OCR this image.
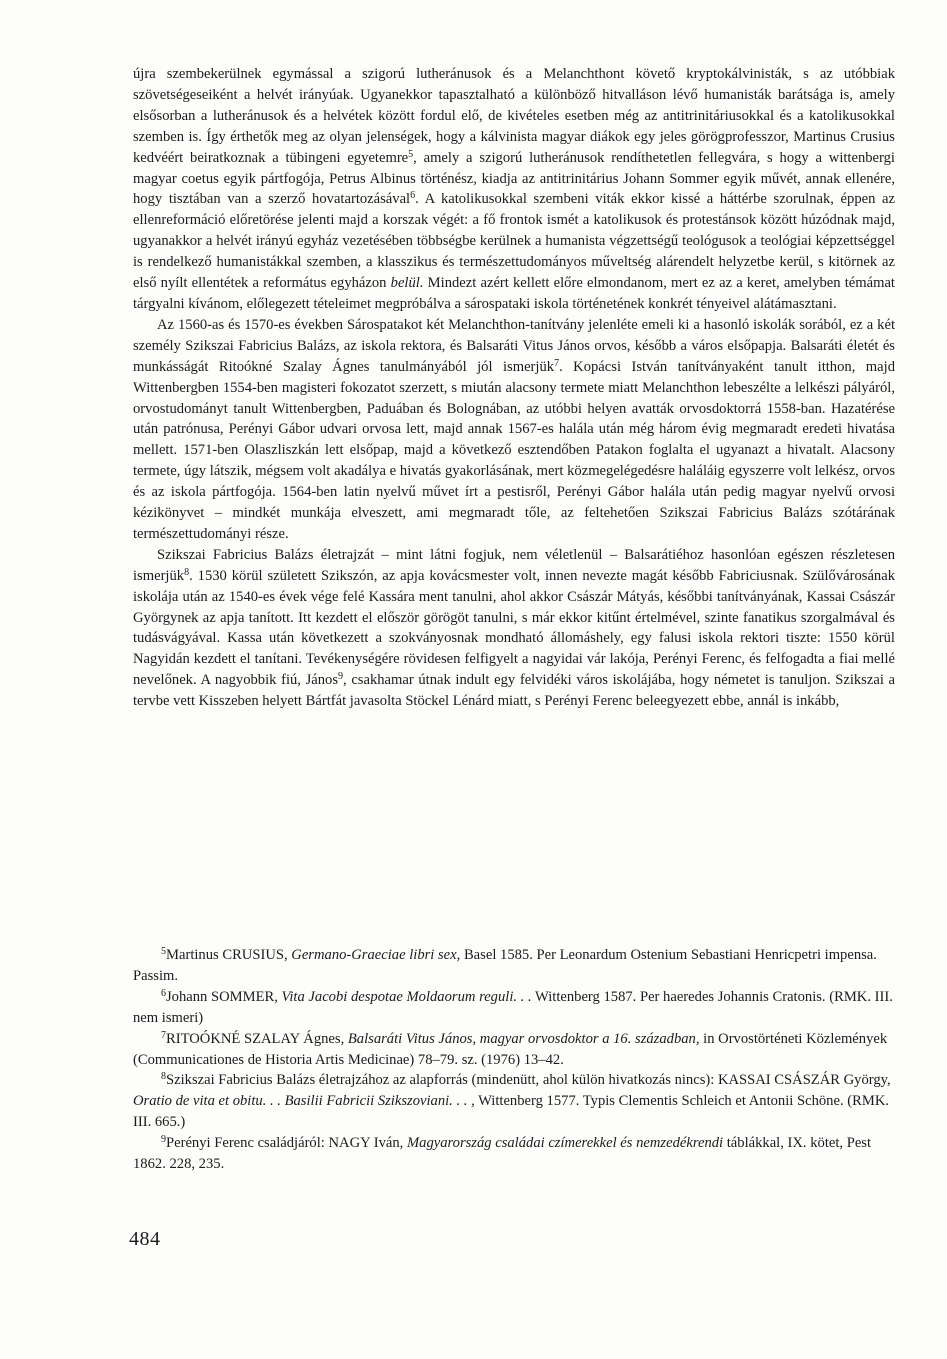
újra szembekerülnek egymással a szigorú lutheránusok és a Melanchthont követő kryptokálvinisták, s az utóbbiak szövetségeseiként a helvét irányúak. Ugyanekkor tapasztalható a különböző hitvalláson lévő humanisták barátsága is, amely elsősorban a lutheránusok és a helvétek között fordul elő, de kivételes esetben még az antitrinitáriusokkal és a katolikusokkal szemben is. Így érthetők meg az olyan jelenségek, hogy a kálvinista magyar diákok egy jeles görögprofesszor, Martinus Crusius kedvéért beiratkoznak a tübingeni egyetemre$^5$, amely a szigorú lutheránusok rendíthetetlen fellegvára, s hogy a wittenbergi magyar coetus egyik pártfogója, Petrus Albinus történész, kiadja az antitrinitárius Johann Sommer egyik művét, annak ellenére, hogy tisztában van a szerző hovatartozásával$^6$. A katolikusokkal szembeni viták ekkor kissé a háttérbe szorulnak, éppen az ellenreformáció előretörése jelenti majd a korszak végét: a fő frontok ismét a katolikusok és protestánsok között húzódnak majd, ugyanakkor a helvét irányú egyház vezetésében többségbe kerülnek a humanista végzettségű teológusok a teológiai képzettséggel is rendelkező humanistákkal szemben, a klasszikus és természettudományos műveltség alárendelt helyzetbe kerül, s kitörnek az első nyílt ellentétek a református egyházon belül. Mindezt azért kellett előre elmondanom, mert ez az a keret, amelyben témámat tárgyalni kívánom, előlegezett tételeimet megpróbálva a sárospataki iskola történetének konkrét tényeivel alátámasztani.

Az 1560-as és 1570-es években Sárospatakot két Melanchthon-tanítvány jelenléte emeli ki a hasonló iskolák sorából, ez a két személy Szikszai Fabricius Balázs, az iskola rektora, és Balsaráti Vitus János orvos, később a város elsőpapja. Balsaráti életét és munkásságát Ritoókné Szalay Ágnes tanulmányából jól ismerjük$^7$. Kopácsi István tanítványaként tanult itthon, majd Wittenbergben 1554-ben magisteri fokozatot szerzett, s miután alacsony termete miatt Melanchthon lebeszélte a lelkészi pályáról, orvostudományt tanult Wittenbergben, Paduában és Bolognában, az utóbbi helyen avatták orvosdoktorrá 1558-ban. Hazatérése után patrónusa, Perényi Gábor udvari orvosa lett, majd annak 1567-es halála után még három évig megmaradt eredeti hivatása mellett. 1571-ben Olaszliszkán lett elsőpap, majd a következő esztendőben Patakon foglalta el ugyanazt a hivatalt. Alacsony termete, úgy látszik, mégsem volt akadálya e hivatás gyakorlásának, mert közmegelégedésre haláláig egyszerre volt lelkész, orvos és az iskola pártfogója. 1564-ben latin nyelvű művet írt a pestisről, Perényi Gábor halála után pedig magyar nyelvű orvosi kézikönyvet – mindkét munkája elveszett, ami megmaradt tőle, az feltehetően Szikszai Fabricius Balázs szótárának természettudományi része.

Szikszai Fabricius Balázs életrajzát – mint látni fogjuk, nem véletlenül – Balsarátiéhoz hasonlóan egészen részletesen ismerjük$^8$. 1530 körül született Szikszón, az apja kovácsmester volt, innen nevezte magát később Fabriciusnak. Szülővárosának iskolája után az 1540-es évek vége felé Kassára ment tanulni, ahol akkor Császár Mátyás, későbbi tanítványának, Kassai Császár Györgynek az apja tanított. Itt kezdett el először görögöt tanulni, s már ekkor kitűnt értelmével, szinte fanatikus szorgalmával és tudásvágyával. Kassa után következett a szokványosnak mondható állomáshely, egy falusi iskola rektori tiszte: 1550 körül Nagyidán kezdett el tanítani. Tevékenységére rövidesen felfigyelt a nagyidai vár lakója, Perényi Ferenc, és felfogadta a fiai mellé nevelőnek. A nagyobbik fiú, János$^9$, csakhamar útnak indult egy felvidéki város iskolájába, hogy németet is tanuljon. Szikszai a tervbe vett Kisszeben helyett Bártfát javasolta Stöckel Lénárd miatt, s Perényi Ferenc beleegyezett ebbe, annál is inkább,

$^5$Martinus CRUSIUS, Germano-Graeciae libri sex, Basel 1585. Per Leonardum Ostenium Sebastiani Henricpetri impensa. Passim.

$^6$Johann SOMMER, Vita Jacobi despotae Moldaorum reguli. . . Wittenberg 1587. Per haeredes Johannis Cratonis. (RMK. III. nem ismeri)

$^7$RITOÓKNÉ SZALAY Ágnes, Balsaráti Vitus János, magyar orvosdoktor a 16. században, in Orvostörténeti Közlemények (Communicationes de Historia Artis Medicinae) 78–79. sz. (1976) 13–42.

$^8$Szikszai Fabricius Balázs életrajzához az alapforrás (mindenütt, ahol külön hivatkozás nincs): KASSAI CSÁSZÁR György, Oratio de vita et obitu. . . Basilii Fabricii Szikszoviani. . . , Wittenberg 1577. Typis Clementis Schleich et Antonii Schöne. (RMK. III. 665.)

$^9$Perényi Ferenc családjáról: NAGY Iván, Magyarország családai czímerekkel és nemzedékrendi táblákkal, IX. kötet, Pest 1862. 228, 235.

484
